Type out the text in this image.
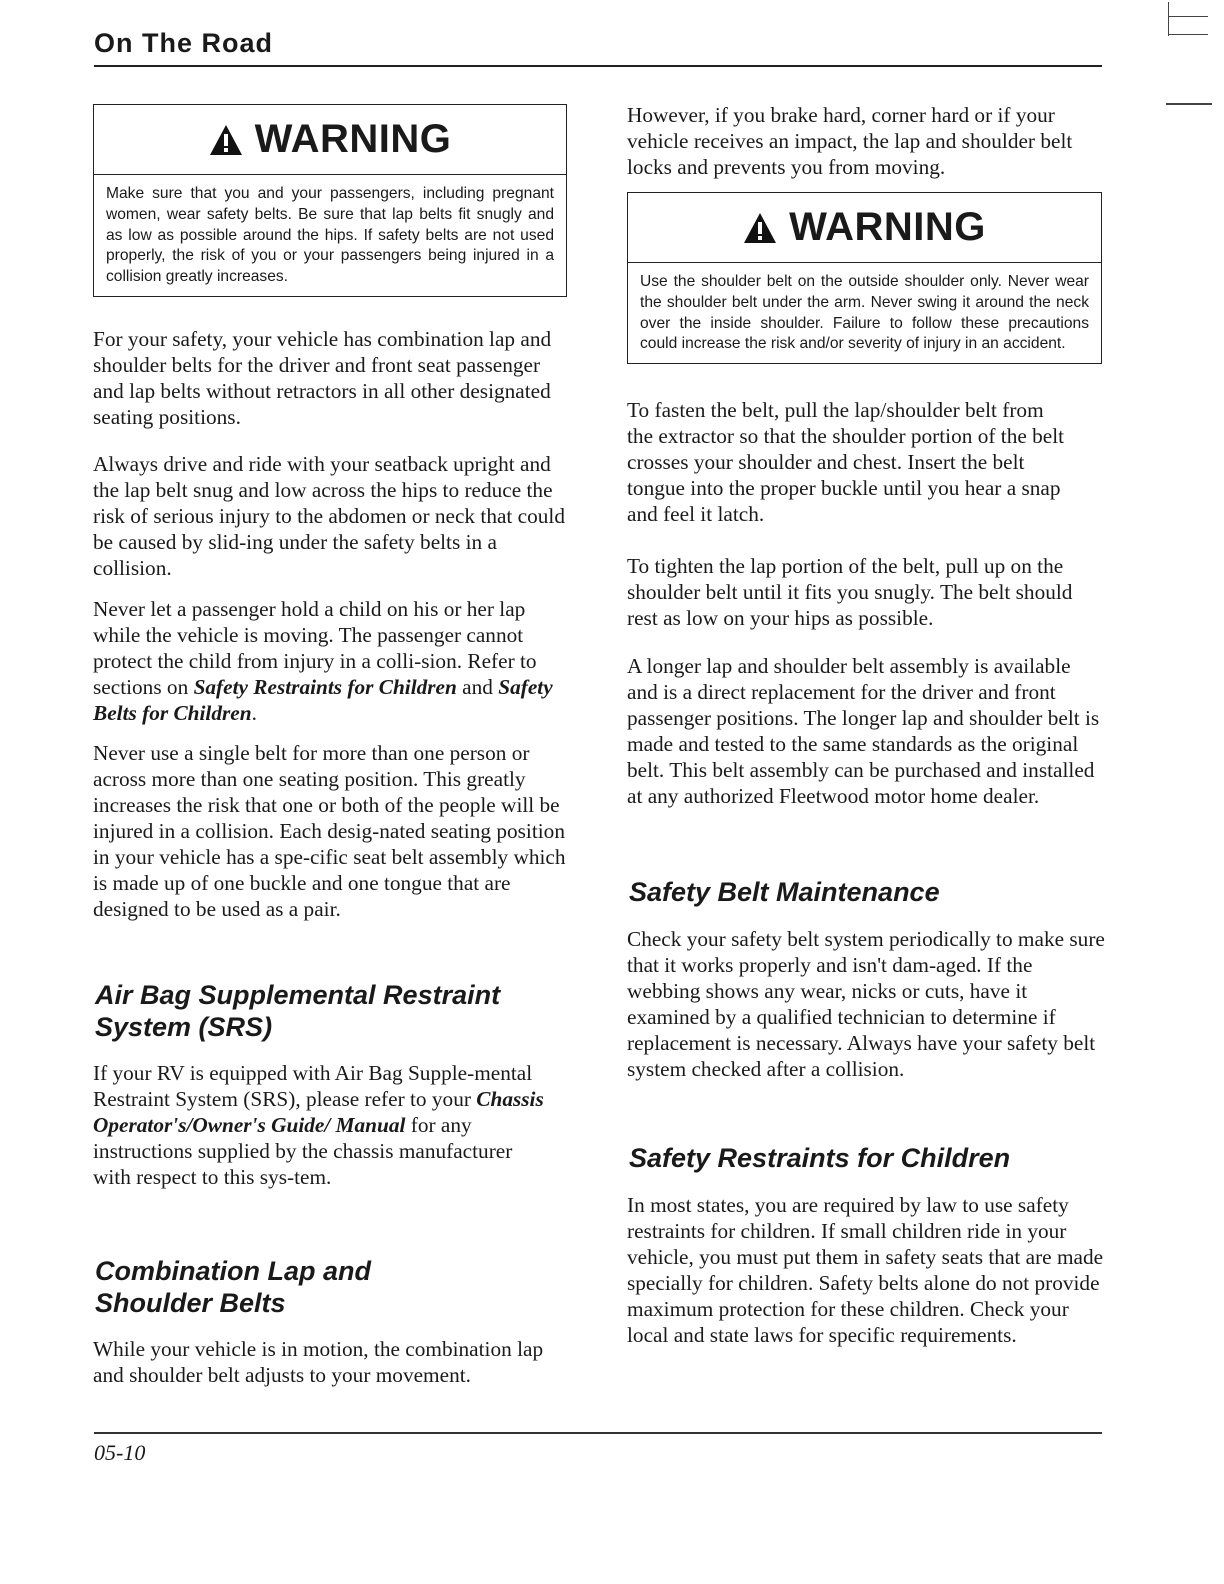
On The Road
WARNING
Make sure that you and your passengers, including pregnant women, wear safety belts. Be sure that lap belts fit snugly and as low as possible around the hips. If safety belts are not used properly, the risk of you or your passengers being injured in a collision greatly increases.

For your safety, your vehicle has combination lap and shoulder belts for the driver and front seat passenger and lap belts without retractors in all other designated seating positions.

Always drive and ride with your seatback upright and the lap belt snug and low across the hips to reduce the risk of serious injury to the abdomen or neck that could be caused by slid-ing under the safety belts in a collision.

Never let a passenger hold a child on his or her lap while the vehicle is moving. The passenger cannot protect the child from injury in a colli-sion. Refer to sections on Safety Restraints for Children and Safety Belts for Children.

Never use a single belt for more than one person or across more than one seating position. This greatly increases the risk that one or both of the people will be injured in a collision. Each desig-nated seating position in your vehicle has a spe-cific seat belt assembly which is made up of one buckle and one tongue that are designed to be used as a pair.

Air Bag Supplemental Restraint System (SRS)

If your RV is equipped with Air Bag Supple-mental Restraint System (SRS), please refer to your Chassis Operator's/Owner's Guide/ Manual for any instructions supplied by the chassis manufacturer with respect to this sys-tem.

Combination Lap and Shoulder Belts

While your vehicle is in motion, the combination lap and shoulder belt adjusts to your movement.

However, if you brake hard, corner hard or if your vehicle receives an impact, the lap and shoulder belt locks and prevents you from moving.

WARNING
Use the shoulder belt on the outside shoulder only. Never wear the shoulder belt under the arm. Never swing it around the neck over the inside shoulder. Failure to follow these precautions could increase the risk and/or severity of injury in an accident.

To fasten the belt, pull the lap/shoulder belt from the extractor so that the shoulder portion of the belt crosses your shoulder and chest. Insert the belt tongue into the proper buckle until you hear a snap and feel it latch.

To tighten the lap portion of the belt, pull up on the shoulder belt until it fits you snugly. The belt should rest as low on your hips as possible.

A longer lap and shoulder belt assembly is available and is a direct replacement for the driver and front passenger positions. The longer lap and shoulder belt is made and tested to the same standards as the original belt. This belt assembly can be purchased and installed at any authorized Fleetwood motor home dealer.

Safety Belt Maintenance

Check your safety belt system periodically to make sure that it works properly and isn't dam-aged. If the webbing shows any wear, nicks or cuts, have it examined by a qualified technician to determine if replacement is necessary. Always have your safety belt system checked after a collision.

Safety Restraints for Children

In most states, you are required by law to use safety restraints for children. If small children ride in your vehicle, you must put them in safety seats that are made specially for children. Safety belts alone do not provide maximum protection for these children. Check your local and state laws for specific requirements.

05-10
